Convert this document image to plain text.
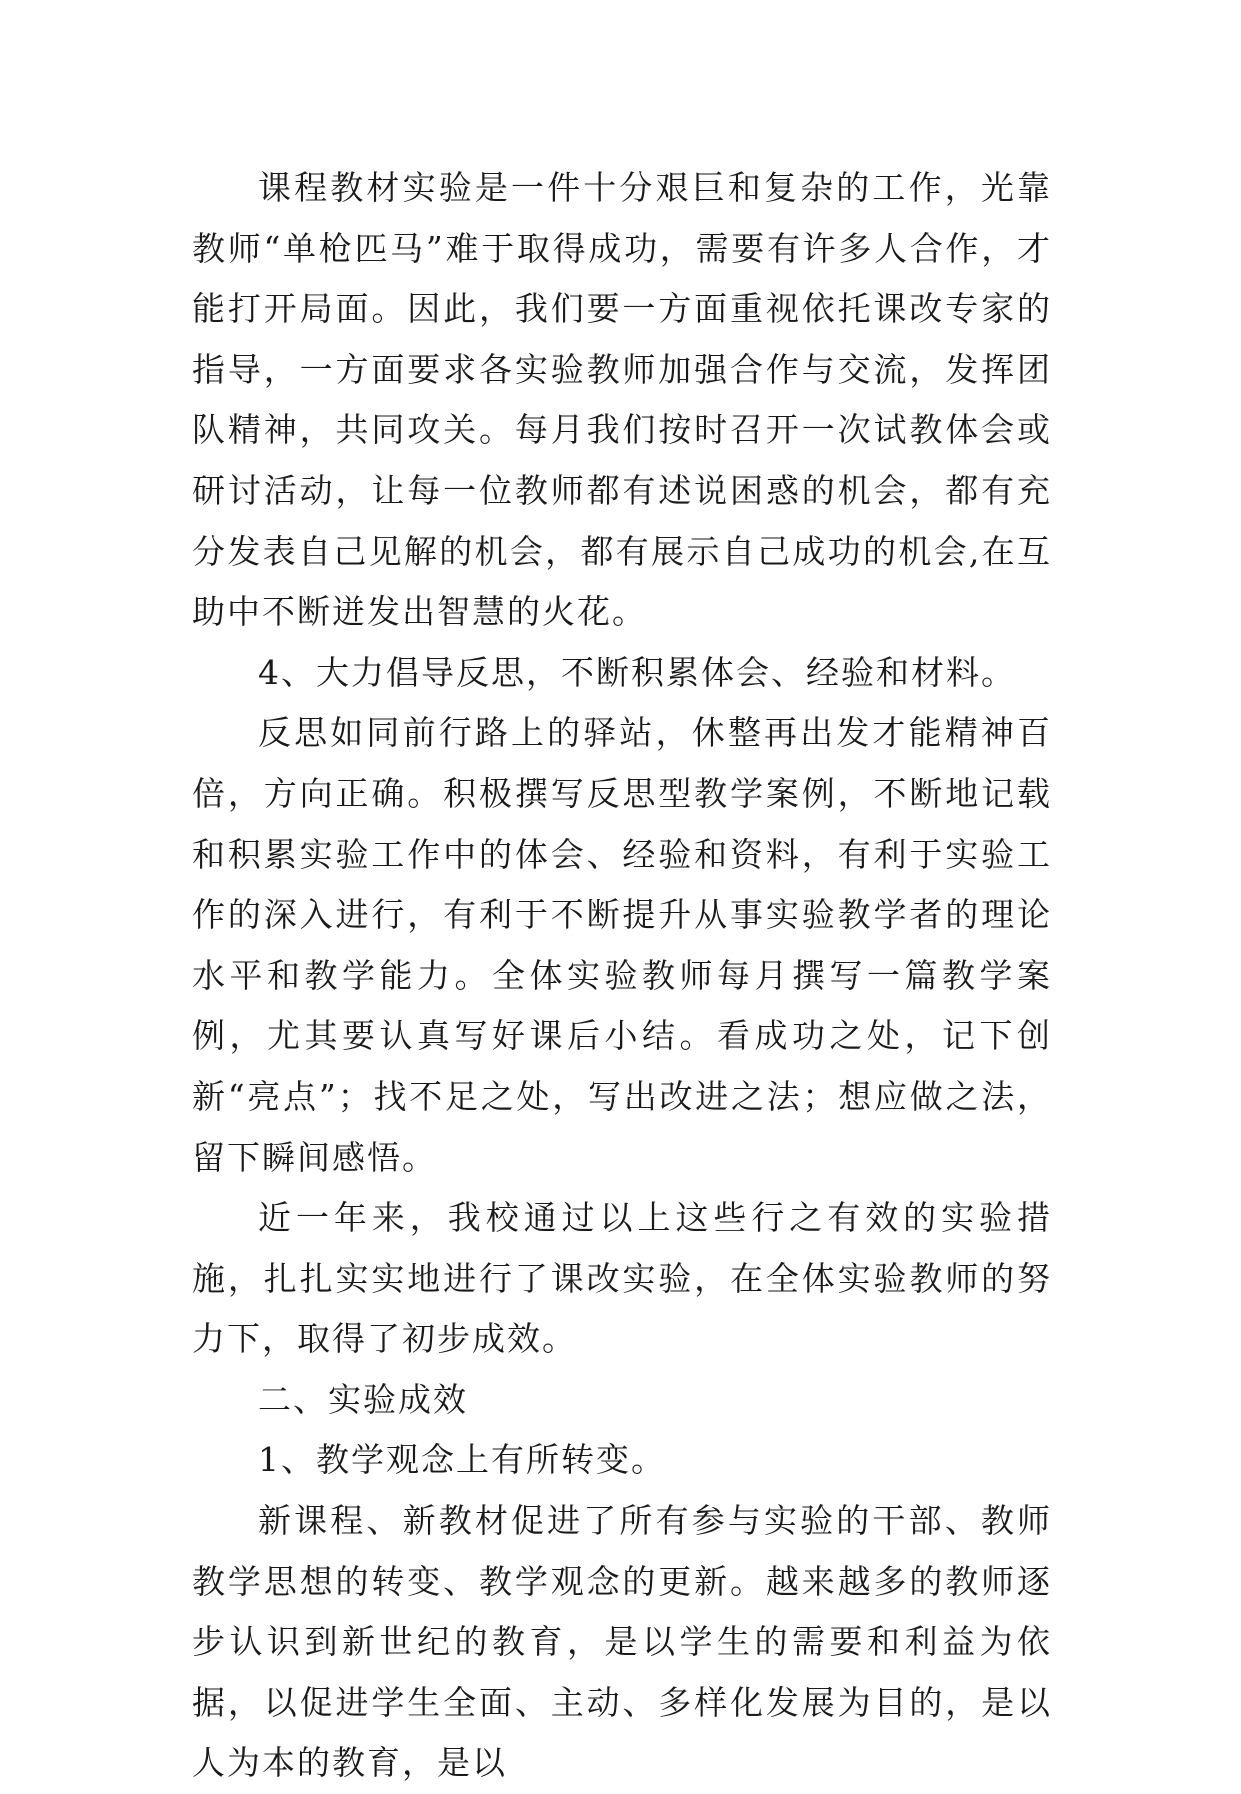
课程教材实验是一件十分艰巨和复杂的工作，光靠教师“单枪匹马”难于取得成功，需要有许多人合作，才能打开局面。因此，我们要一方面重视依托课改专家的指导，一方面要求各实验教师加强合作与交流，发挥团队精神，共同攻关。每月我们按时召开一次试教体会或研讨活动，让每一位教师都有述说困惑的机会，都有充分发表自己见解的机会，都有展示自己成功的机会,在互助中不断迸发出智慧的火花。

4、大力倡导反思，不断积累体会、经验和材料。

反思如同前行路上的驿站，休整再出发才能精神百倍，方向正确。积极撰写反思型教学案例，不断地记载和积累实验工作中的体会、经验和资料，有利于实验工作的深入进行，有利于不断提升从事实验教学者的理论水平和教学能力。全体实验教师每月撰写一篇教学案例，尤其要认真写好课后小结。看成功之处，记下创新“亮点”；找不足之处，写出改进之法；想应做之法，留下瞬间感悟。

近一年来，我校通过以上这些行之有效的实验措施，扎扎实实地进行了课改实验，在全体实验教师的努力下，取得了初步成效。

二、实验成效

1、教学观念上有所转变。

新课程、新教材促进了所有参与实验的干部、教师教学思想的转变、教学观念的更新。越来越多的教师逐步认识到新世纪的教育，是以学生的需要和利益为依据，以促进学生全面、主动、多样化发展为目的，是以人为本的教育，是以
